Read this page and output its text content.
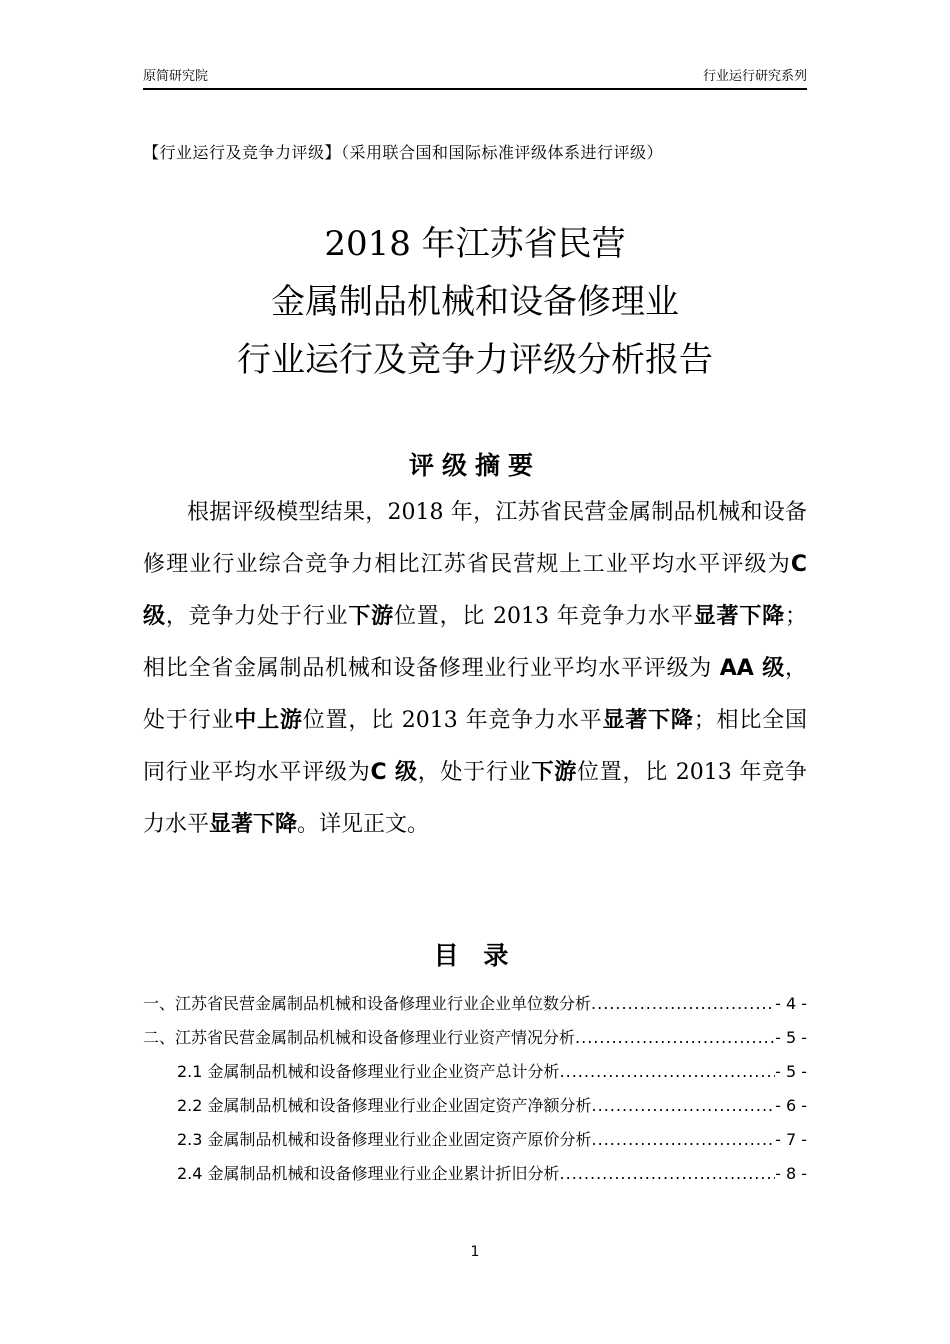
原简研究院	行业运行研究系列
【行业运行及竞争力评级】（采用联合国和国际标准评级体系进行评级）
2018 年江苏省民营
金属制品机械和设备修理业
行业运行及竞争力评级分析报告
评级摘要

根据评级模型结果，2018 年，江苏省民营金属制品机械和设备修理业行业综合竞争力相比江苏省民营规上工业平均水平评级为C 级，竞争力处于行业下游位置，比 2013 年竞争力水平显著下降；相比全省金属制品机械和设备修理业行业平均水平评级为 AA 级，处于行业中上游位置，比 2013 年竞争力水平显著下降；相比全国同行业平均水平评级为C 级，处于行业下游位置，比 2013 年竞争力水平显著下降。详见正文。

目 录
一、江苏省民营金属制品机械和设备修理业行业企业单位数分析 .....	- 4 -
二、江苏省民营金属制品机械和设备修理业行业资产情况分析 .....	- 5 -
2.1 金属制品机械和设备修理业行业企业资产总计分析 .....	- 5 -
2.2 金属制品机械和设备修理业行业企业固定资产净额分析 .....	- 6 -
2.3 金属制品机械和设备修理业行业企业固定资产原价分析 .....	- 7 -
2.4 金属制品机械和设备修理业行业企业累计折旧分析 .....	- 8 -
1
